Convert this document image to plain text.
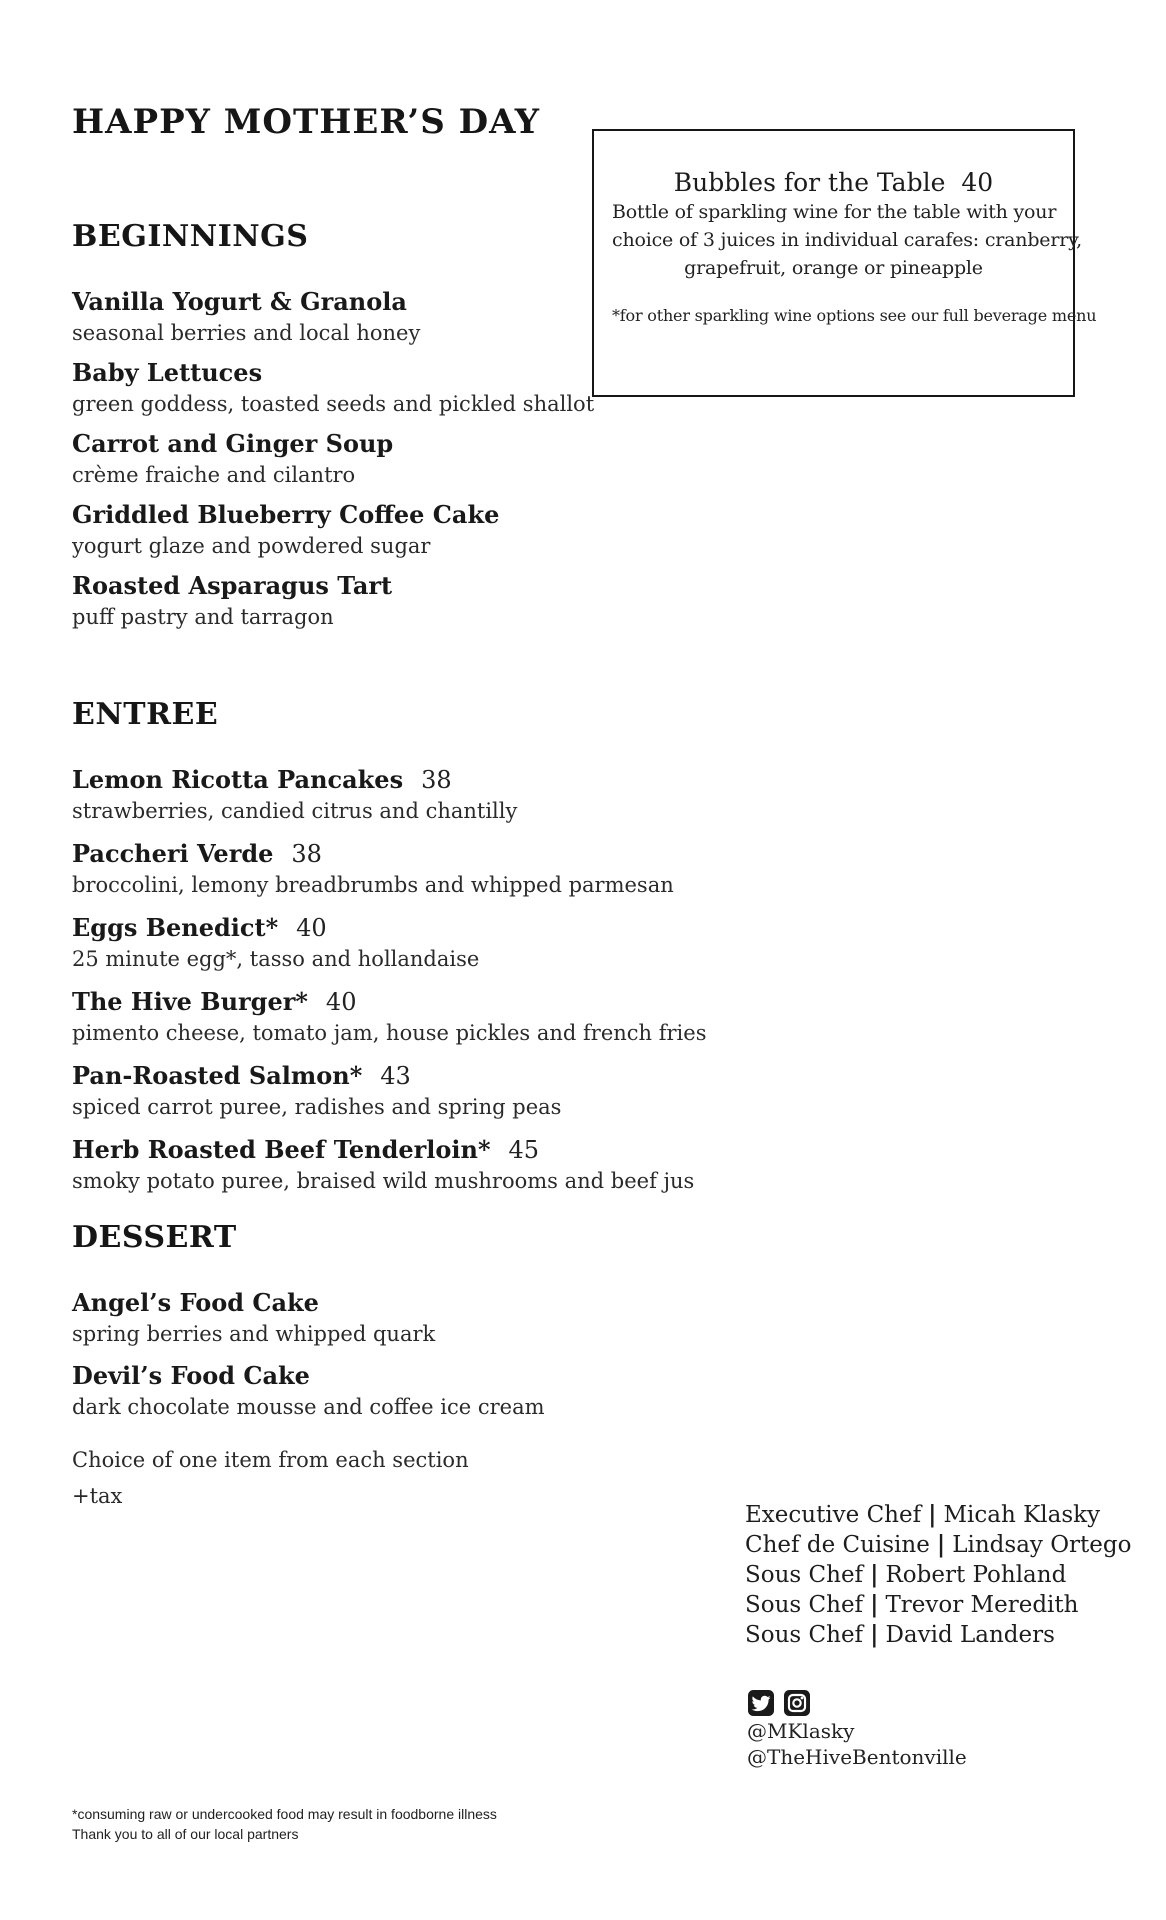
HAPPY MOTHER’S DAY
Bubbles for the Table 40
Bottle of sparkling wine for the table with your
choice of 3 juices in individual carafes: cranberry,
grapefruit, orange or pineapple
*for other sparkling wine options see our full beverage menu
BEGINNINGS
Vanilla Yogurt & Granola
seasonal berries and local honey
Baby Lettuces
green goddess, toasted seeds and pickled shallot
Carrot and Ginger Soup
crème fraiche and cilantro
Griddled Blueberry Coffee Cake
yogurt glaze and powdered sugar
Roasted Asparagus Tart
puff pastry and tarragon
ENTREE
Lemon Ricotta Pancakes 38
strawberries, candied citrus and chantilly
Paccheri Verde 38
broccolini, lemony breadbrumbs and whipped parmesan
Eggs Benedict* 40
25 minute egg*, tasso and hollandaise
The Hive Burger* 40
pimento cheese, tomato jam, house pickles and french fries
Pan-Roasted Salmon* 43
spiced carrot puree, radishes and spring peas
Herb Roasted Beef Tenderloin* 45
smoky potato puree, braised wild mushrooms and beef jus
DESSERT
Angel’s Food Cake
spring berries and whipped quark
Devil’s Food Cake
dark chocolate mousse and coffee ice cream
Choice of one item from each section
+tax
Executive Chef | Micah Klasky
Chef de Cuisine | Lindsay Ortego
Sous Chef | Robert Pohland
Sous Chef | Trevor Meredith
Sous Chef | David Landers
@MKlasky
@TheHiveBentonville
*consuming raw or undercooked food may result in foodborne illness
Thank you to all of our local partners
